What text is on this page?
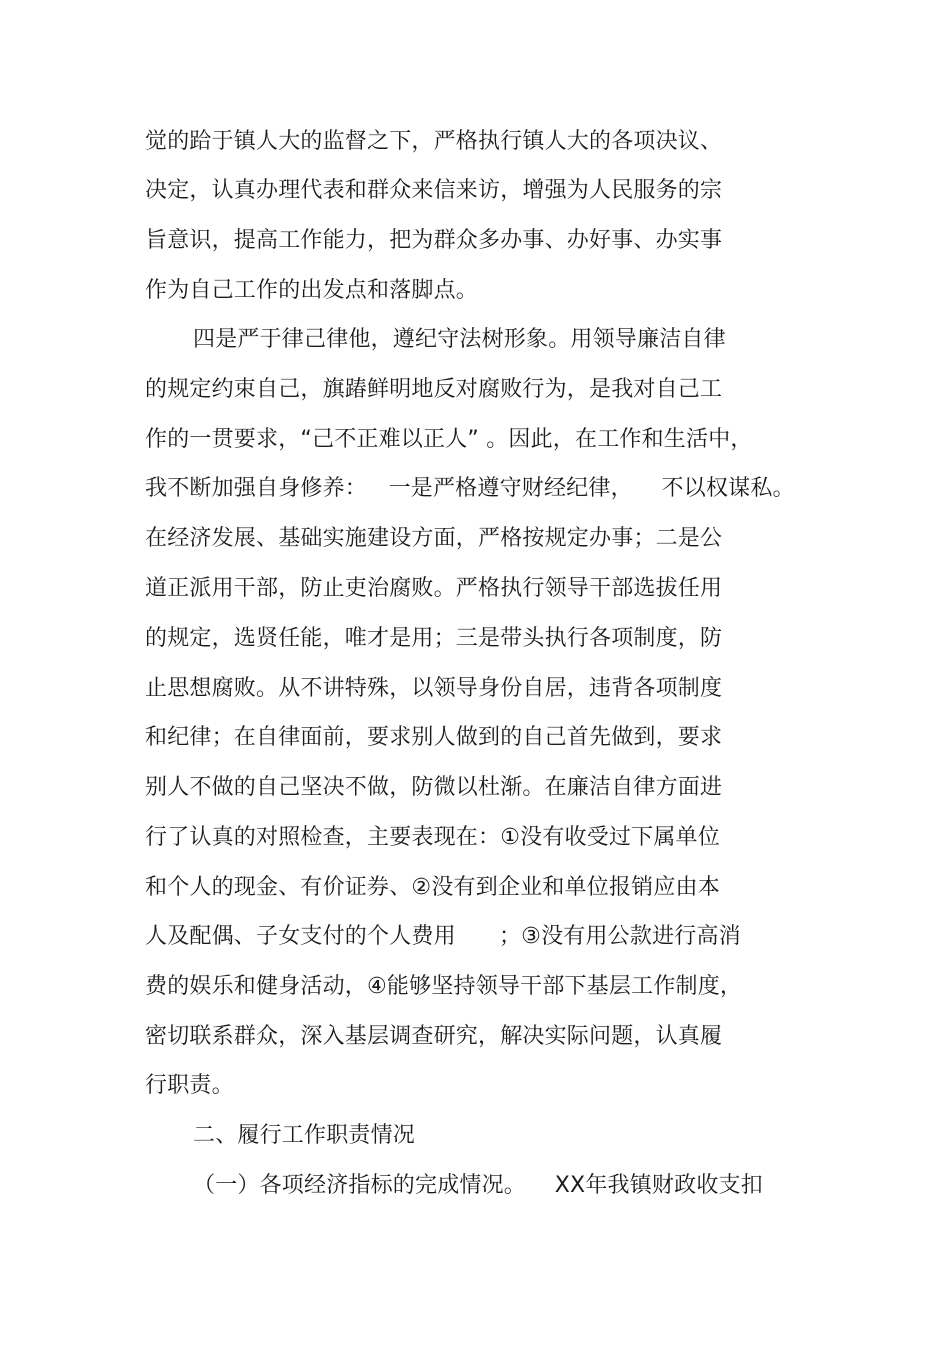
觉的跲于镇人大的监督之下，严格执行镇人大的各项决议、
决定，认真办理代表和群众来信来访，增强为人民服务的宗
旨意识，提高工作能力，把为群众多办事、办好事、办实事
作为自己工作的出发点和落脚点。
四是严于律己律他，遵纪守法树形象。用领导廉洁自律
的规定约束自己，旗踳鲜明地反对腐败行为，是我对自己工
作的一贯要求，“己不正难以正人” 。因此，在工作和生活中，
我不断加强自身修养：   一是严格遵守财经纪律，    不以权谋私。
在经济发展、基础实施建设方面，严格按规定办事；二是公
道正派用干部，防止吏治腐败。严格执行领导干部选拔任用
的规定，选贤任能，唯才是用；三是带头执行各项制度，防
止思想腐败。从不讲特殊，以领导身份自居，违背各项制度
和纪律；在自律面前，要求别人做到的自己首先做到，要求
别人不做的自己坚决不做，防微以杜渐。在廉洁自律方面进
行了认真的对照检查，主要表现在：①没有收受过下属单位
和个人的现金、有价证券、②没有到企业和单位报销应由本
人及配偶、子女支付的个人费用      ；③没有用公款进行高消
费的娱乐和健身活动，④能够坚持领导干部下基层工作制度，
密切联系群众，深入基层调查研究，解决实际问题，认真履
行职责。
二、履行工作职责情况
（一）各项经济指标的完成情况。    XX年我镇财政收支扣
